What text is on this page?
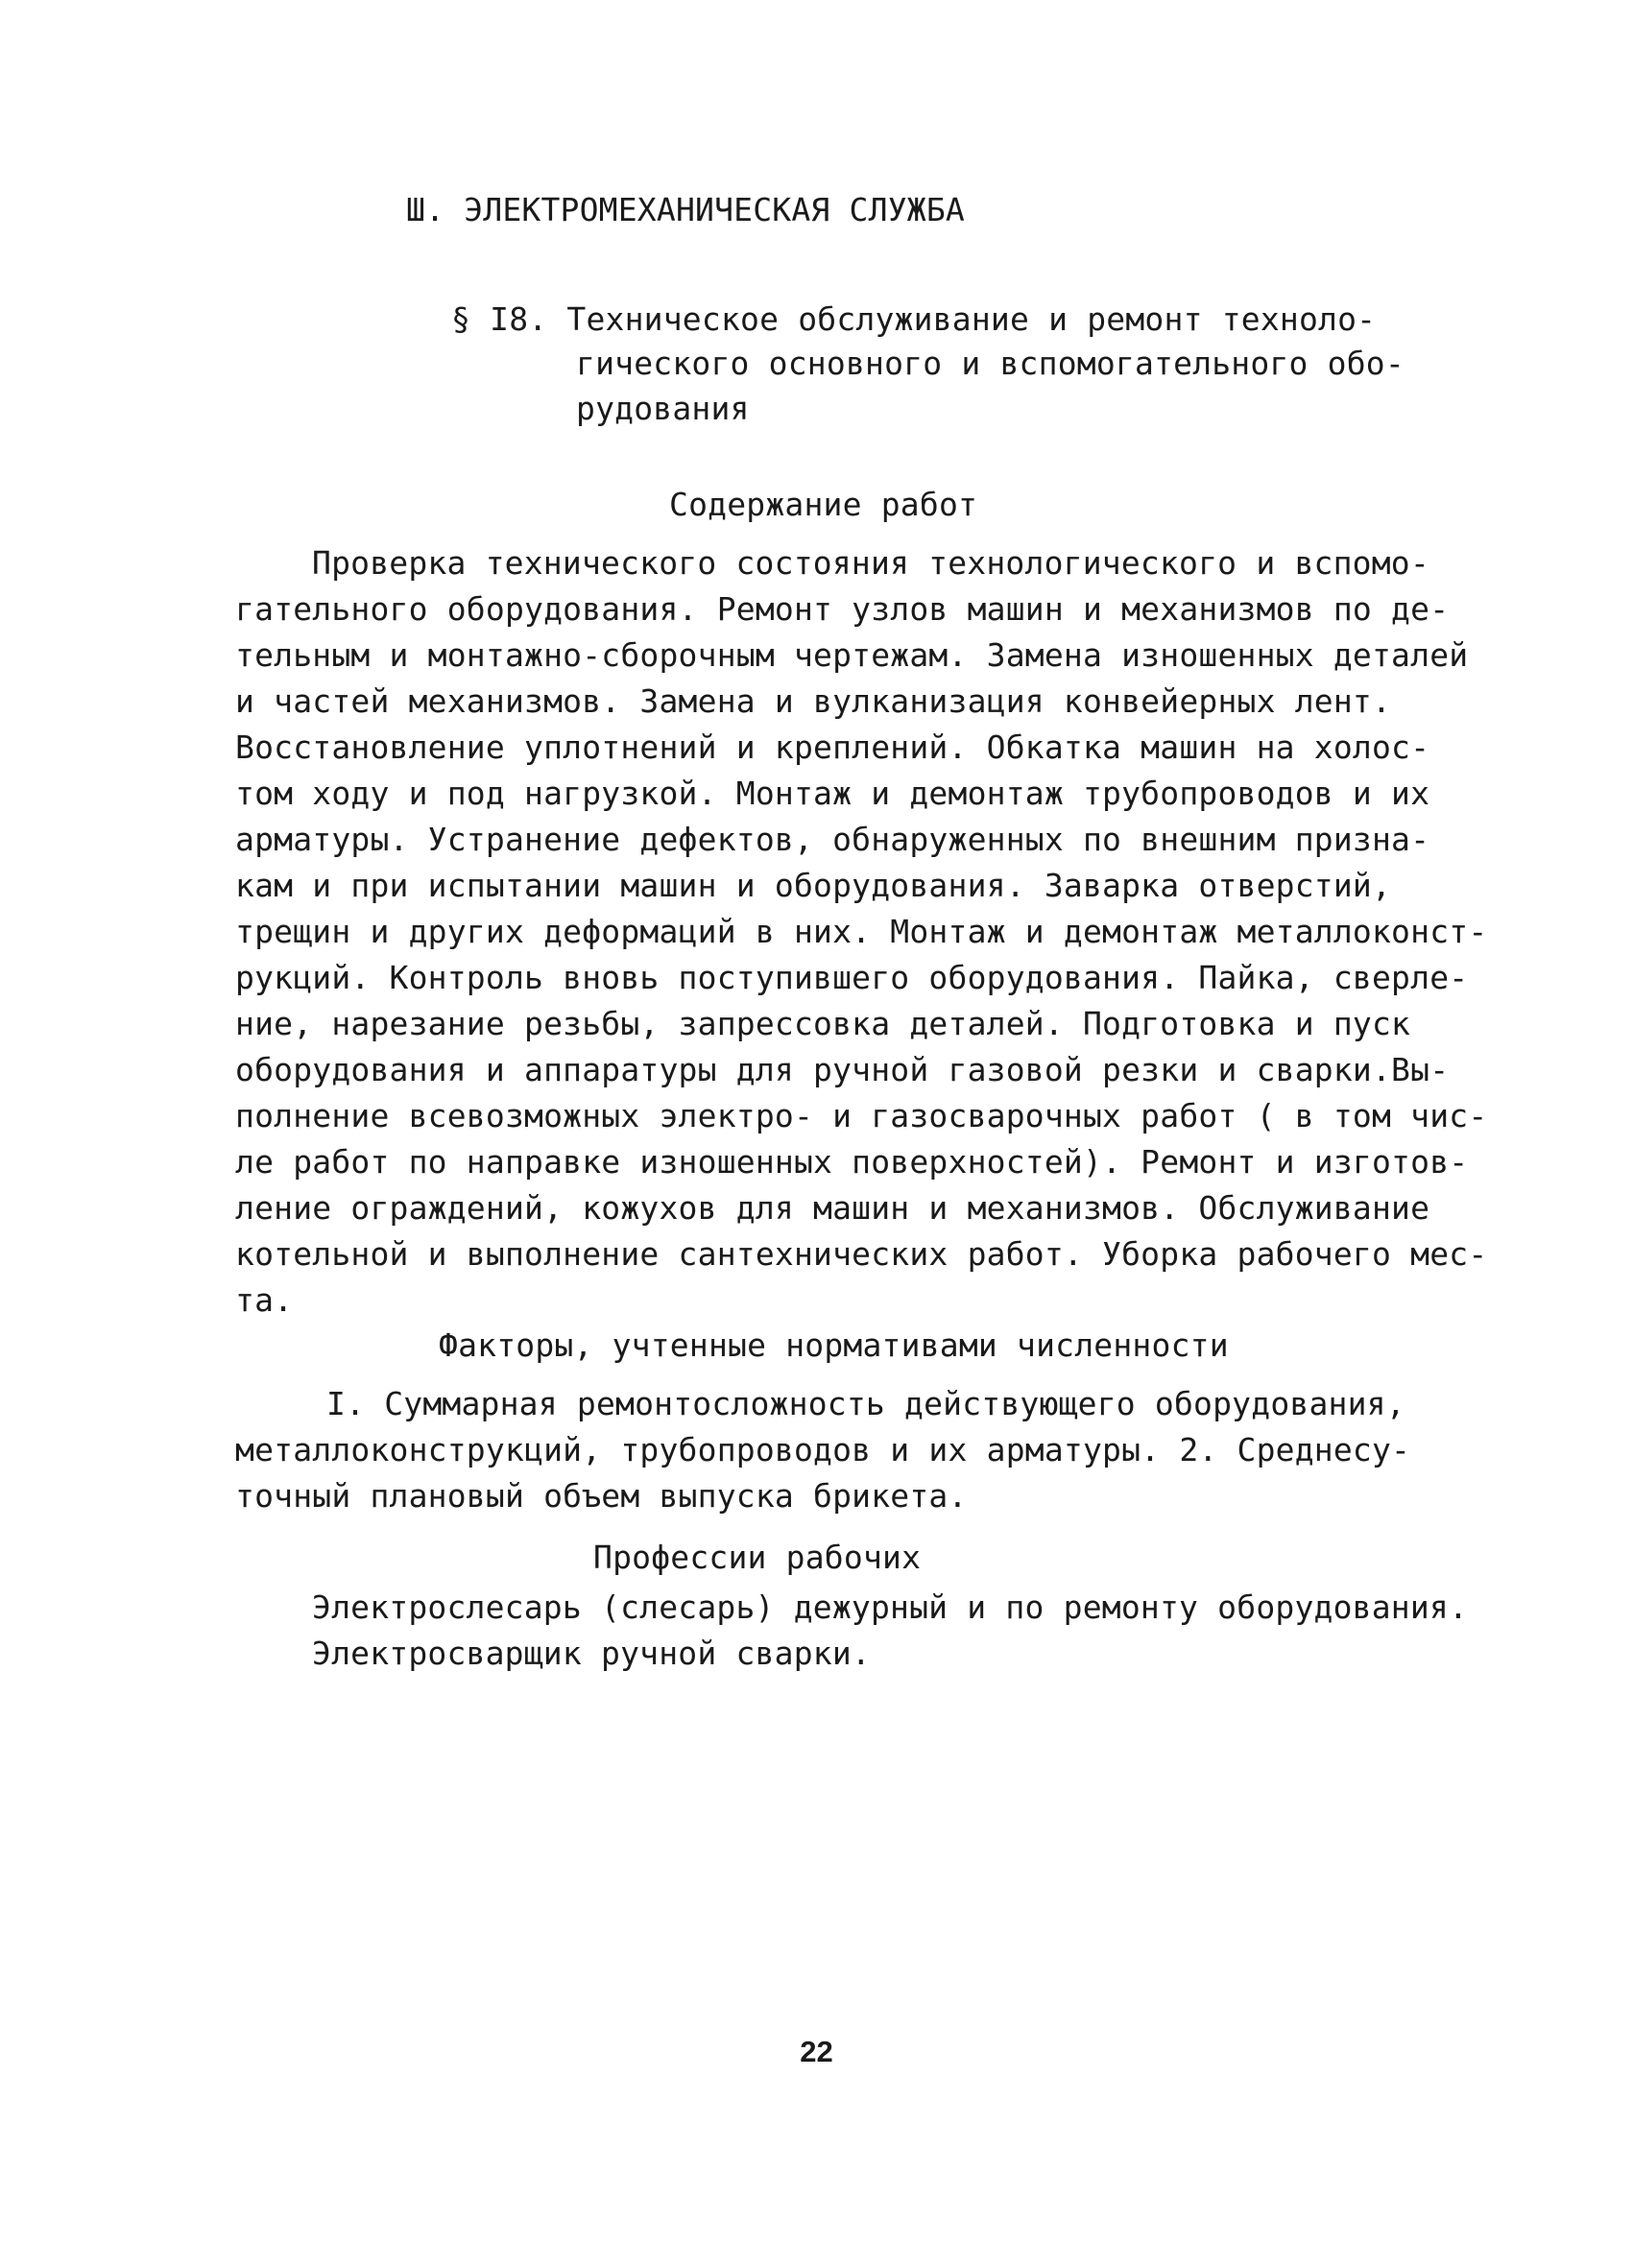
Ш. ЭЛЕКТРОМЕХАНИЧЕСКАЯ СЛУЖБА
§ I8. Техническое обслуживание и ремонт техноло-
гического основного и вспомогательного обо-
рудования
Содержание работ
Проверка технического состояния технологического и вспомо-
гательного оборудования. Ремонт узлов машин и механизмов по де-
тельным и монтажно-сборочным чертежам. Замена изношенных деталей
и частей механизмов. Замена и вулканизация конвейерных лент.
Восстановление уплотнений и креплений. Обкатка машин на холос-
том ходу и под нагрузкой. Монтаж и демонтаж трубопроводов и их
арматуры. Устранение дефектов, обнаруженных по внешним призна-
кам и при испытании машин и оборудования. Заварка отверстий,
трещин и других деформаций в них. Монтаж и демонтаж металлоконст-
рукций. Контроль вновь поступившего оборудования. Пайка, сверле-
ние, нарезание резьбы, запрессовка деталей. Подготовка и пуск
оборудования и аппаратуры для ручной газовой резки и сварки.Вы-
полнение всевозможных электро- и газосварочных работ ( в том чис-
ле работ по направке изношенных поверхностей). Ремонт и изготов-
ление ограждений, кожухов для машин и механизмов. Обслуживание
котельной и выполнение сантехнических работ. Уборка рабочего мес-
та.
Факторы, учтенные нормативами численности
I. Суммарная ремонтосложность действующего оборудования,
металлоконструкций, трубопроводов и их арматуры. 2. Среднесу-
точный плановый объем выпуска брикета.
Профессии рабочих
Электрослесарь (слесарь) дежурный и по ремонту оборудования.
Электросварщик ручной сварки.
22
